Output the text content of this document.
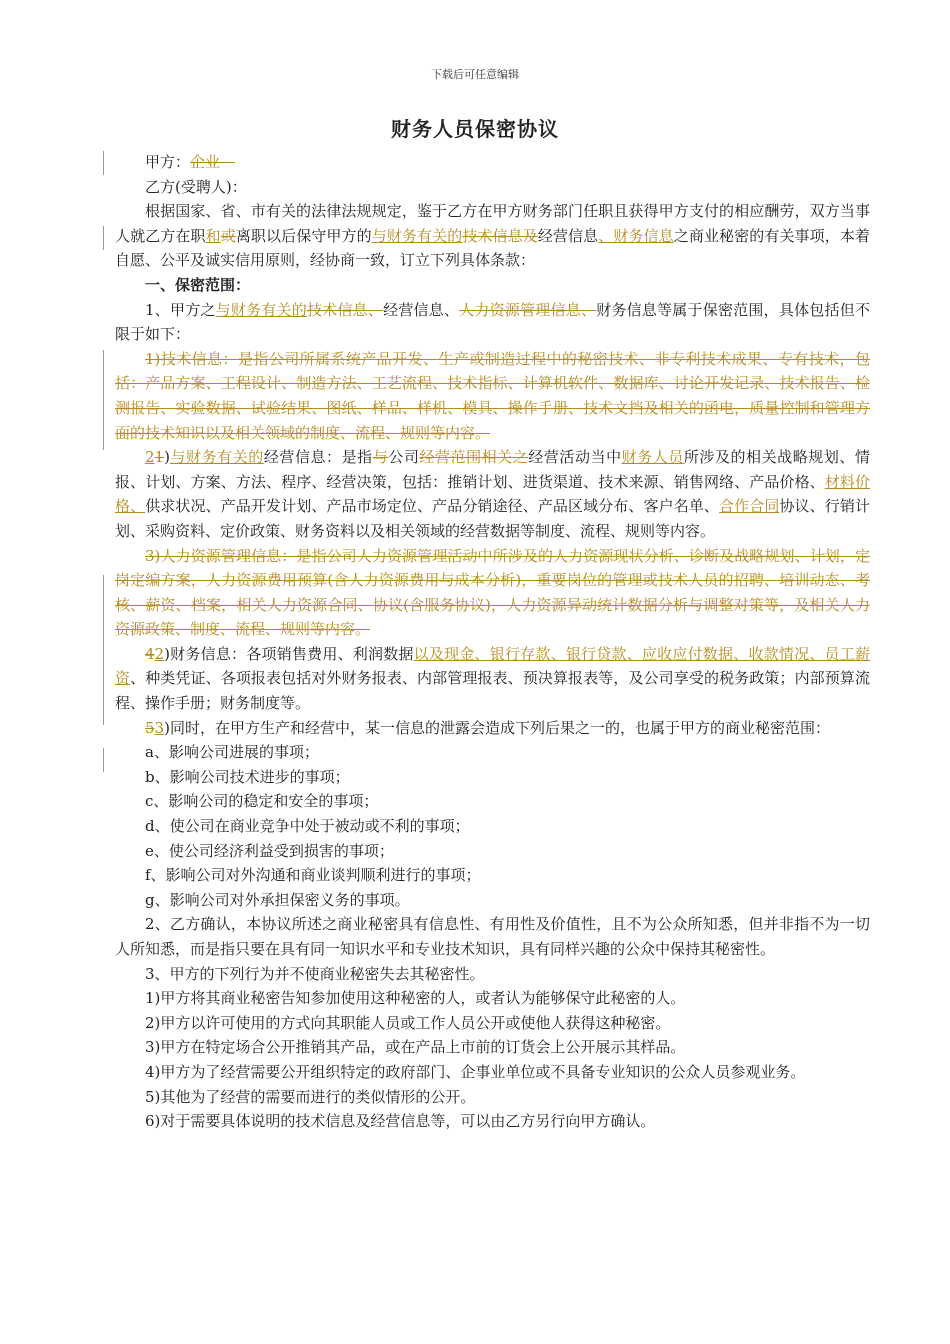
下载后可任意编辑
财务人员保密协议

甲方：企业　

乙方(受聘人)：

根据国家、省、市有关的法律法规规定，鉴于乙方在甲方财务部门任职且获得甲方支付的相应酬劳，双方当事人就乙方在职和或离职以后保守甲方的与财务有关的技术信息及经营信息、财务信息之商业秘密的有关事项，本着自愿、公平及诚实信用原则，经协商一致，订立下列具体条款：

一、保密范围：

1、甲方之与财务有关的技术信息、经营信息、人力资源管理信息、财务信息等属于保密范围，具体包括但不限于如下：

1)技术信息：是指公司所属系统产品开发、生产或制造过程中的秘密技术、非专利技术成果、专有技术，包括：产品方案、工程设计、制造方法、工艺流程、技术指标、计算机软件、数据库、讨论开发记录、技术报告、检测报告、实验数据、试验结果、图纸、样品、样机、模具、操作手册、技术文挡及相关的函电，质量控制和管理方面的技术知识以及相关领域的制度、流程、规则等内容。

21)与财务有关的经营信息：是指与公司经营范围相关之经营活动当中财务人员所涉及的相关战略规划、情报、计划、方案、方法、程序、经营决策，包括：推销计划、进货渠道、技术来源、销售网络、产品价格、材料价格、供求状况、产品开发计划、产品市场定位、产品分销途径、产品区域分布、客户名单、合作合同协议、行销计划、采购资料、定价政策、财务资料以及相关领域的经营数据等制度、流程、规则等内容。

3)人力资源管理信息：是指公司人力资源管理活动中所涉及的人力资源现状分析、诊断及战略规划、计划，定岗定编方案，人力资源费用预算(含人力资源费用与成本分析)，重要岗位的管理或技术人员的招聘、培训动态、考核、薪资、档案，相关人力资源合同、协议(含服务协议)，人力资源异动统计数据分析与调整对策等，及相关人力资源政策、制度、流程、规则等内容。

42)财务信息：各项销售费用、利润数据以及现金、银行存款、银行贷款、应收应付数据、收款情况、员工薪资、种类凭证、各项报表包括对外财务报表、内部管理报表、预决算报表等，及公司享受的税务政策；内部预算流程、操作手册；财务制度等。

53)同时，在甲方生产和经营中，某一信息的泄露会造成下列后果之一的，也属于甲方的商业秘密范围：

a、影响公司进展的事项；

b、影响公司技术进步的事项；

c、影响公司的稳定和安全的事项；

d、使公司在商业竞争中处于被动或不利的事项；

e、使公司经济利益受到损害的事项；

f、影响公司对外沟通和商业谈判顺利进行的事项；

g、影响公司对外承担保密义务的事项。

2、乙方确认，本协议所述之商业秘密具有信息性、有用性及价值性，且不为公众所知悉，但并非指不为一切人所知悉，而是指只要在具有同一知识水平和专业技术知识，具有同样兴趣的公众中保持其秘密性。

3、甲方的下列行为并不使商业秘密失去其秘密性。

1)甲方将其商业秘密告知参加使用这种秘密的人，或者认为能够保守此秘密的人。

2)甲方以许可使用的方式向其职能人员或工作人员公开或使他人获得这种秘密。

3)甲方在特定场合公开推销其产品，或在产品上市前的订货会上公开展示其样品。

4)甲方为了经营需要公开组织特定的政府部门、企事业单位或不具备专业知识的公众人员参观业务。

5)其他为了经营的需要而进行的类似情形的公开。

6)对于需要具体说明的技术信息及经营信息等，可以由乙方另行向甲方确认。
